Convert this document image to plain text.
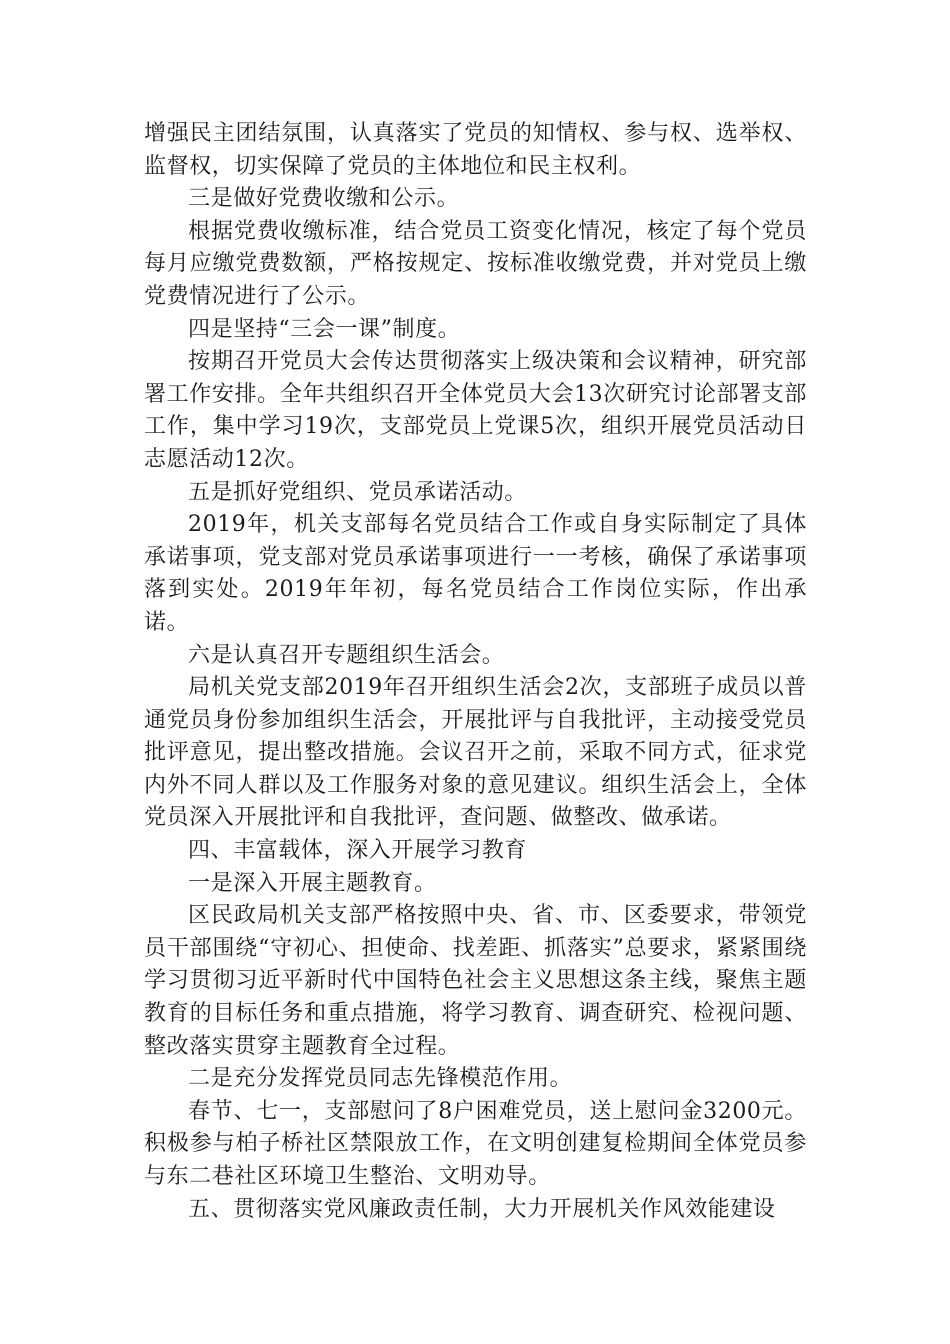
增强民主团结氛围，认真落实了党员的知情权、参与权、选举权、监督权，切实保障了党员的主体地位和民主权利。

三是做好党费收缴和公示。

根据党费收缴标准，结合党员工资变化情况，核定了每个党员每月应缴党费数额，严格按规定、按标准收缴党费，并对党员上缴党费情况进行了公示。

四是坚持“三会一课”制度。

按期召开党员大会传达贯彻落实上级决策和会议精神，研究部署工作安排。全年共组织召开全体党员大会13次研究讨论部署支部工作，集中学习19次，支部党员上党课5次，组织开展党员活动日志愿活动12次。

五是抓好党组织、党员承诺活动。

2019年，机关支部每名党员结合工作或自身实际制定了具体承诺事项，党支部对党员承诺事项进行一一考核，确保了承诺事项落到实处。2019年年初，每名党员结合工作岗位实际，作出承诺。

六是认真召开专题组织生活会。

局机关党支部2019年召开组织生活会2次，支部班子成员以普通党员身份参加组织生活会，开展批评与自我批评，主动接受党员批评意见，提出整改措施。会议召开之前，采取不同方式，征求党内外不同人群以及工作服务对象的意见建议。组织生活会上，全体党员深入开展批评和自我批评，查问题、做整改、做承诺。

四、丰富载体，深入开展学习教育

一是深入开展主题教育。

区民政局机关支部严格按照中央、省、市、区委要求，带领党员干部围绕“守初心、担使命、找差距、抓落实”总要求，紧紧围绕学习贯彻习近平新时代中国特色社会主义思想这条主线，聚焦主题教育的目标任务和重点措施，将学习教育、调查研究、检视问题、整改落实贯穿主题教育全过程。

二是充分发挥党员同志先锋模范作用。

春节、七一，支部慰问了8户困难党员，送上慰问金3200元。积极参与柏子桥社区禁限放工作，在文明创建复检期间全体党员参与东二巷社区环境卫生整治、文明劝导。

五、贯彻落实党风廉政责任制，大力开展机关作风效能建设
